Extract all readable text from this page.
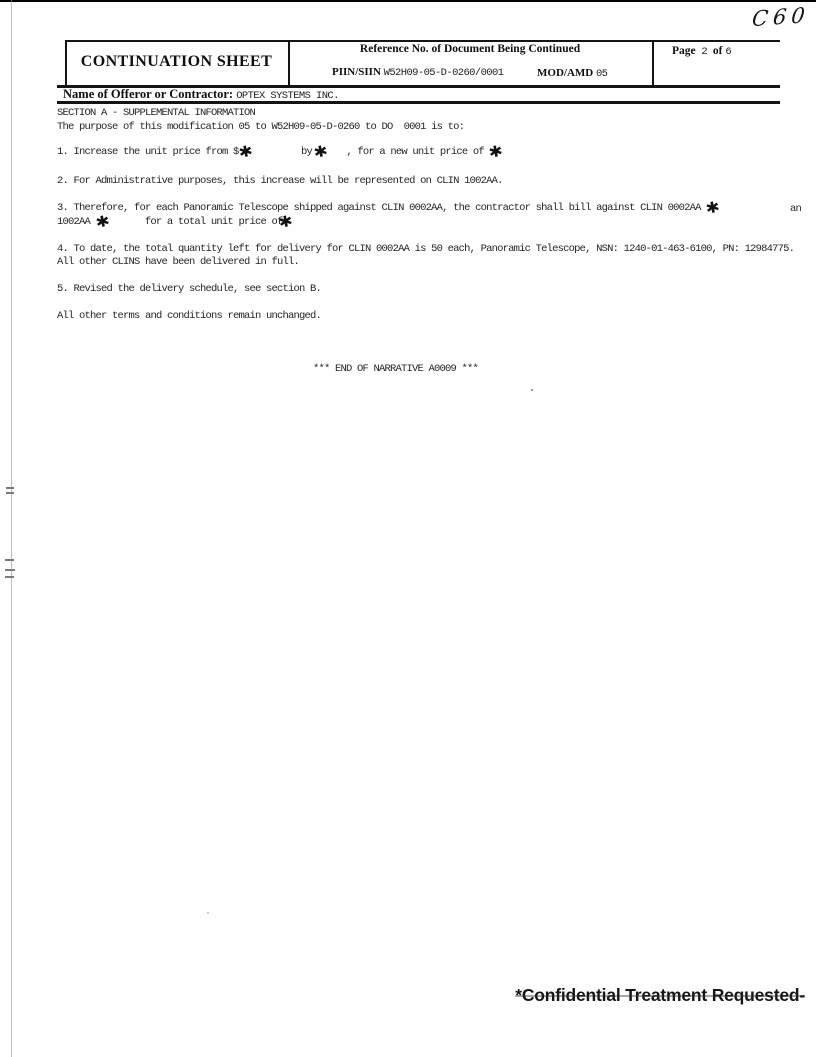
C60
CONTINUATION SHEET
Reference No. of Document Being Continued
PIIN/SIIN W52H09-05-D-0260/0001	MOD/AMD 05
Page  2  of 6
Name of Offeror or Contractor: OPTEX SYSTEMS INC.
SECTION A - SUPPLEMENTAL INFORMATION
The purpose of this modification 05 to W52H09-05-D-0260 to DO  0001 is to:
1. Increase the unit price from $✱	by✱ , for a new unit price of ✱
2. For Administrative purposes, this increase will be represented on CLIN 1002AA.
3. Therefore, for each Panoramic Telescope shipped against CLIN 0002AA, the contractor shall bill against CLIN 0002AA ✱	an
1002AA ✱	for a total unit price of✱
4. To date, the total quantity left for delivery for CLIN 0002AA is 50 each, Panoramic Telescope, NSN: 1240-01-463-6100, PN: 12984775.
All other CLINS have been delivered in full.
5. Revised the delivery schedule, see section B.
All other terms and conditions remain unchanged.
*** END OF NARRATIVE A0009 ***
*Confidential Treatment Requested-
